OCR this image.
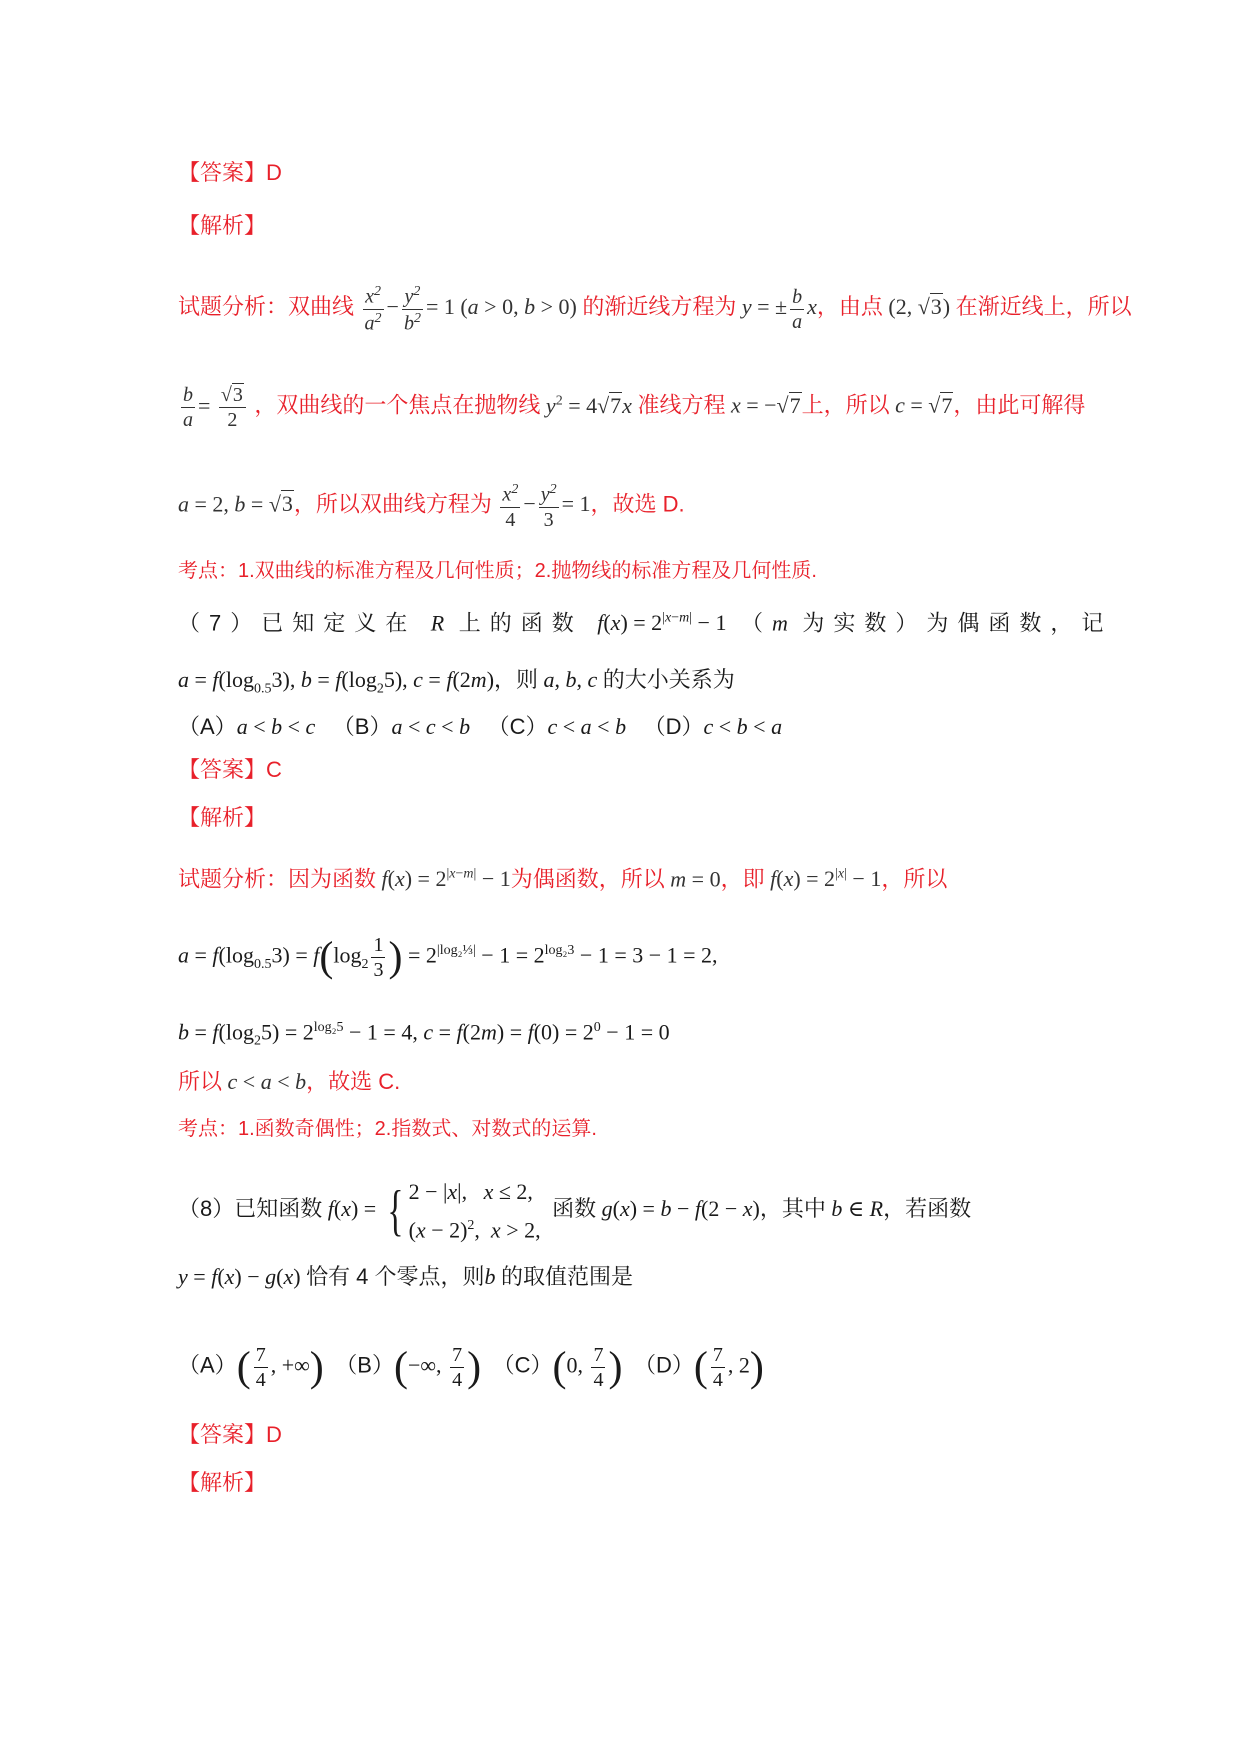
【答案】D
【解析】
试题分析：双曲线 $\frac{x^2}{a^2} - \frac{y^2}{b^2} = 1$ (a > 0, b > 0) 的渐近线方程为 y = ± $\frac{b}{a}$ x，由点 (2, √3) 在渐近线上，所以
$\frac{b}{a} = \frac{√3}{2}$ ，双曲线的一个焦点在抛物线 $y^2 = 4√7x$ 准线方程 x = −√7上，所以 c = √7，由此可解得
a = 2, b = √3，所以双曲线方程为 $\frac{x^2}{4} - \frac{y^2}{3} = 1$，故选 D.
考点：1.双曲线的标准方程及几何性质；2.抛物线的标准方程及几何性质.
（7）已知定义在 R 上的函数 $f(x) = 2^{|x-m|} - 1$ （m 为实数）为偶函数，记
$a = f(\log_{0.5}3)$, $b = f(\log_25)$, c = f(2m)，则 a, b, c 的大小关系为
（A）a < b < c （B）a < c < b （C）c < a < b （D）c < b < a
【答案】C
【解析】
试题分析：因为函数 $f(x) = 2^{|x-m|} - 1$为偶函数，所以 m = 0，即 $f(x) = 2^{|x|} - 1$，所以
$a = f(\log_{0.5}3) = f(\log_2 \frac{1}{3}$ ) = $2^{|log_2\frac{1}{3}|} - 1 = 2^{log_23} - 1 = 3 - 1 = 2$,
$b = f(\log_25) = 2^{log_25} - 1 = 4$, $c = f(2m) = f(0) = 2^0 - 1 = 0$
所以 c < a < b，故选 C.
考点：1.函数奇偶性；2.指数式、对数式的运算.
（8）已知函数 f(x) = { 2 − |x|,   x ≤ 2,
$(x - 2)^2$,  x > 2,
函数 g(x) = b − f(2 − x)，其中 b ∈ R，若函数
y = f(x) − g(x) 恰有 4 个零点，则b 的取值范围是
$(A)( \frac{7}{4}$ , +∞) （B）(−∞, $\frac{7}{4}$ ) （C）(0, $\frac{7}{4}$ ) $(D)( \frac{7}{4}$ , 2)
【答案】D
【解析】
